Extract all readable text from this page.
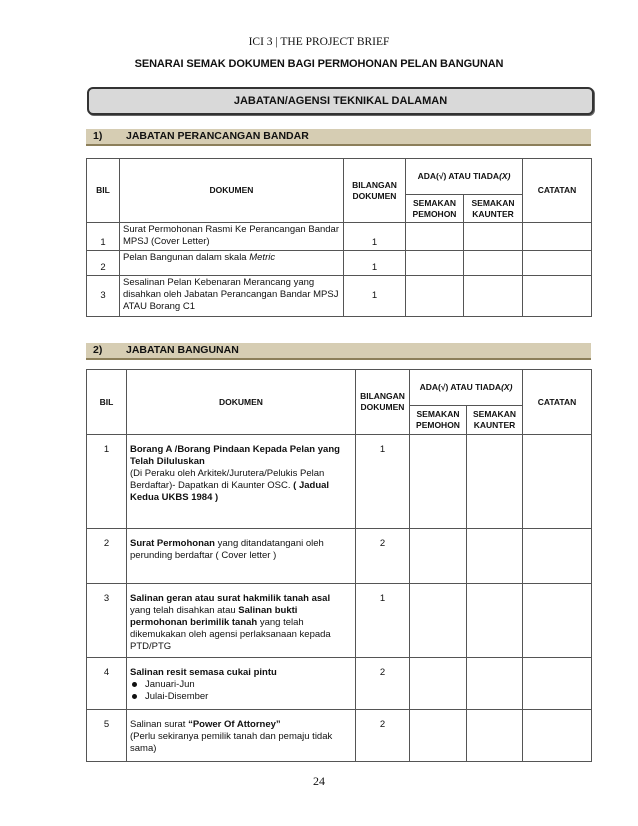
ICI 3 | THE PROJECT BRIEF
SENARAI SEMAK DOKUMEN BAGI PERMOHONAN PELAN BANGUNAN
JABATAN/AGENSI TEKNIKAL DALAMAN
1) JABATAN PERANCANGAN BANDAR
BIL	DOKUMEN	BILANGAN DOKUMEN	ADA(√) ATAU TIADA(X)		CATATAN
			SEMAKAN PEMOHON	SEMAKAN KAUNTER	
1	Surat Permohonan Rasmi Ke Perancangan Bandar MPSJ (Cover Letter)	1			
2	Pelan Bangunan dalam skala Metric	1			
3	Sesalinan Pelan Kebenaran Merancang yang disahkan oleh Jabatan Perancangan Bandar MPSJ ATAU Borang C1	1			
2) JABATAN BANGUNAN
BIL	DOKUMEN	BILANGAN DOKUMEN	ADA(√) ATAU TIADA(X)		CATATAN
			SEMAKAN PEMOHON	SEMAKAN KAUNTER	
1	Borang A /Borang Pindaan Kepada Pelan yang Telah Diluluskan
(Di Peraku oleh Arkitek/Jurutera/Pelukis Pelan Berdaftar)- Dapatkan di Kaunter OSC. ( Jadual Kedua UKBS 1984 )	1			
2	Surat Permohonan yang ditandatangani oleh perunding berdaftar ( Cover letter )	2			
3	Salinan geran atau surat hakmilik tanah asal yang telah disahkan atau Salinan bukti permohonan berimilik tanah yang telah dikemukakan oleh agensi perlaksanaan kepada PTD/PTG	1			
4	Salinan resit semasa cukai pintu
Januari-Jun
Julai-Disember	2			
5	Salinan surat “Power Of Attorney”
(Perlu sekiranya pemilik tanah dan pemaju tidak sama)	2			
24
